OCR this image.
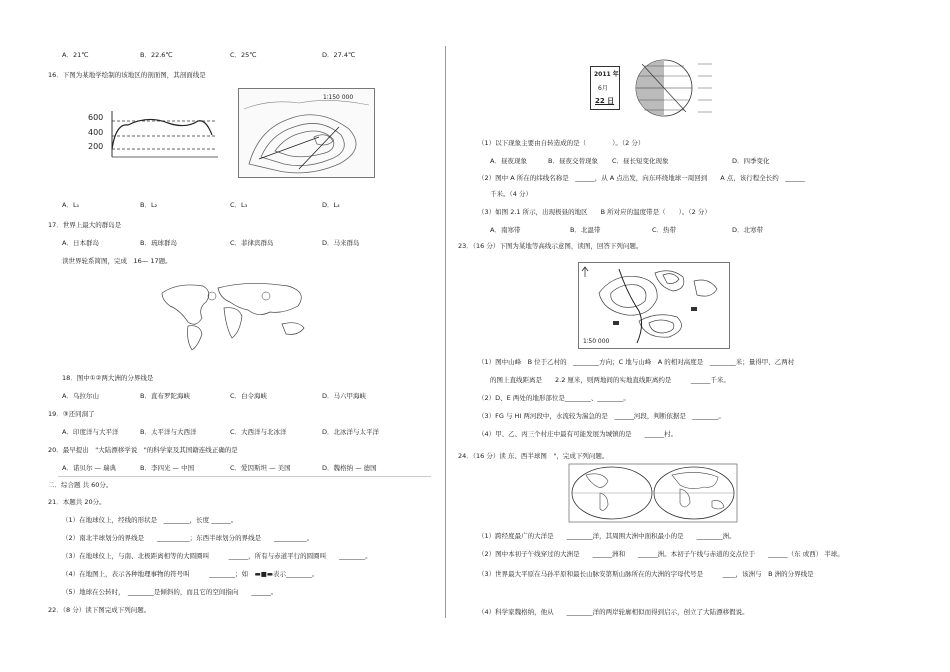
A．21℃	B．22.6℃	C．25℃	D．27.4℃
16．下图为某地学绘制的该地区的剖面图，其剖面线是
600
400
200
1∶150 000
A．L₁	B．L₂	C．L₃	D．L₄
17．世界上最大的群岛是
A．日本群岛	B．琉球群岛	C．菲律宾群岛	D．马来群岛
读世界轮系简图，完成　16— 17题。
18．图中①②两大洲的分界线是
A．乌拉尔山	B．直布罗陀海峡	C．白令海峡	D．马六甲海峡
19．③还同洞了
A．印度洋与大平洋	B．太平洋与大西洋	C．大西洋与北冰洋	D．北冰洋与太平洋
20．最早提出　"大陆漂移学说　"的科学家及其国籍连线正确的是
A．诺贝尔 — 瑞典	B．李四光 — 中国	C．爱因斯坦 — 美国	D．魏格纳 — 德国
二．综合题 共 60分。
21．本题共 20分。
（1）在地球仪上，经线的形状是　________，长度 ______。
（2）南北半球划分的界线是　　__________；东西半球划分的界线是　　__________。
（3）在地球仪上，与南、北极距离相等的大圆圈叫　　　______，所有与赤道平行的圆圈叫　　________。
（4）在地图上，表示各种地理事物的符号叫　　　________；如　▬■▬表示________。
（5）地球在公转时，　________是倾斜的，而且它的空间指向　　______。
22．（8 分）读下图完成下列问题。
2011 年
6月
22 日
（1）以下现象主要由自转造成的是（　　　　）。（2 分）
A．昼夜现象	B．昼夜交替现象 C．昼长短变化现象	D．四季变化
（2）图中 A 所在的纬线名称是　______，从 A 点出发，向东环绕地球一周回到　　A 点，该行程全长约　______
千米。（4 分）
（3）如图 2.1 所示，出现极昼的地区　　B 所对应的温度带是（　　）。（2 分）
A．南寒带	B．北温带	C．热带	D．北寒带
23．（16 分）下图为某地等高线示意图，读图，回答下列问题。
1∶50 000
（1）图中山峰　B 位于乙村的　________方向；C 地与山峰　A 的相对高度是　________米；量得甲、乙两村
的图上直线距离是　　2.2 厘米，则两地间的实地直线距离约是　　　______千米。
（2）D、E 两处的地形部位是________、________。
（3）FG 与 HI 两河段中，水流较为湍急的是　______河段，判断依据是　________。
（4）甲、乙、丙三个村庄中最有可能发展为城镇的是　　______村。
24．（16 分）读 东、西半球图　"，完成下列问题。
（1）跨经度最广的大洋是　　________洋，其周围大洲中面积最小的是　　________洲。
（2）图中本初子午线穿过的大洲是　　______洲和　　______洲。本初子午线与赤道的交点位于　　______（东 或西） 半球。
（3）世界最大平原在马孙平原和最长山脉安第斯山脉所在的大洲的字母代号是　　　____，该洲与　B 洲的分界线是
（4）科学家魏格纳，他从　　________洋的两岸轮廓相似而得到启示，创立了大陆漂移假说。
